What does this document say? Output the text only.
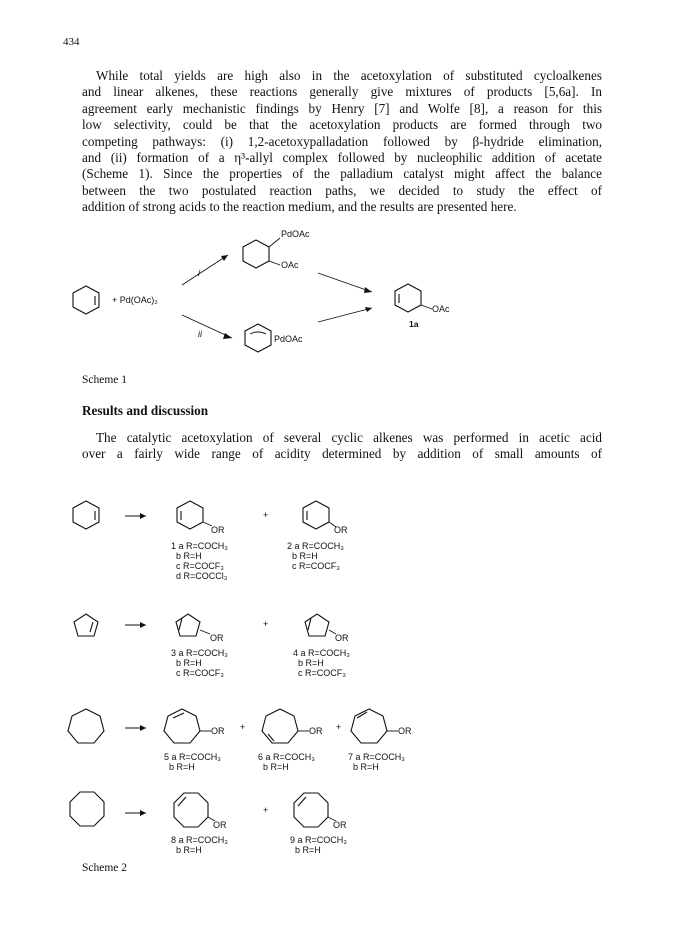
434
While total yields are high also in the acetoxylation of substituted cycloalkenes
and linear alkenes, these reactions generally give mixtures of products [5,6a]. In
agreement early mechanistic findings by Henry [7] and Wolfe [8], a reason for this
low selectivity, could be that the acetoxylation products are formed through two
competing pathways: (i) 1,2-acetoxypalladation followed by β-hydride elimination,
and (ii) formation of a η³-allyl complex followed by nucleophilic addition of acetate
(Scheme 1). Since the properties of the palladium catalyst might affect the balance
between the two postulated reaction paths, we decided to study the effect of
addition of strong acids to the reaction medium, and the results are presented here.
+ Pd(OAc)₂
i
ii
PdOAc
OAc
PdOAc
OAc
1a
Scheme 1
Results and discussion
The catalytic acetoxylation of several cyclic alkenes was performed in acetic acid
over a fairly wide range of acidity determined by addition of small amounts of
OR
+
OR
1 a R=COCH₃
b R=H
c R=COCF₃
d R=COCCl₃
2 a R=COCH₃
b R=H
c R=COCF₃
OR
+
OR
3 a R=COCH₃
b R=H
c R=COCF₃
4 a R=COCH₃
b R=H
c R=COCF₃
OR +	OR +	OR
5 a R=COCH₃
b R=H
6 a R=COCH₃
b R=H
7 a R=COCH₃
b R=H
OR
+
OR
8 a R=COCH₃
b R=H
9 a R=COCH₃
b R=H
Scheme 2
